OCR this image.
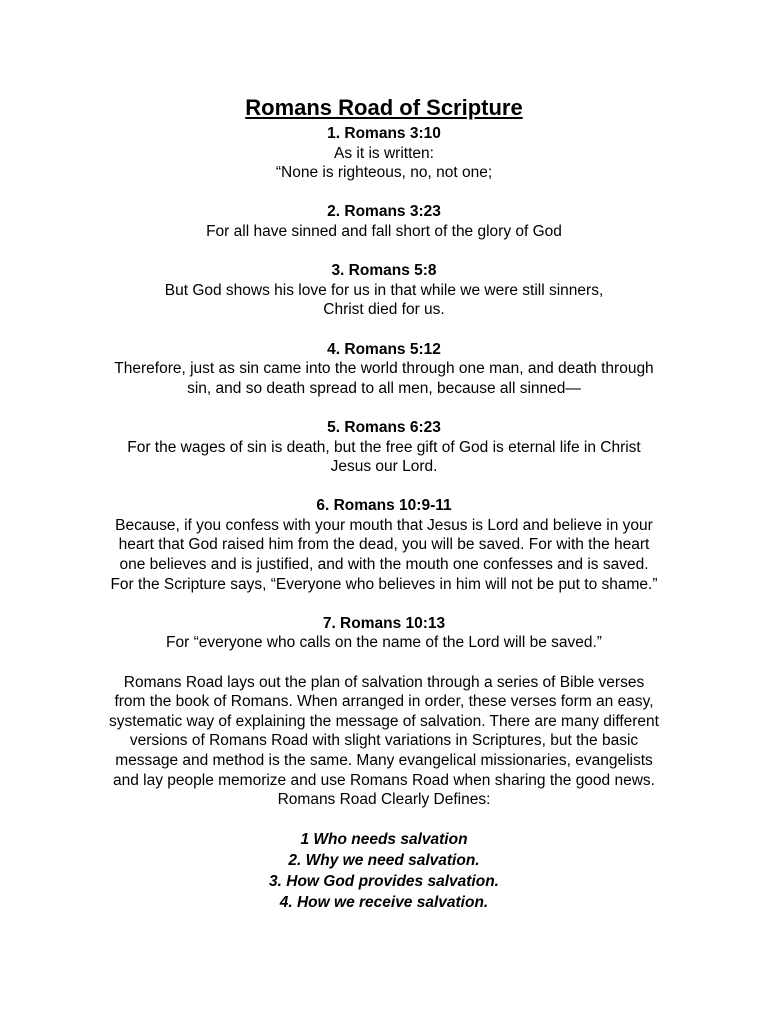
Romans Road of Scripture
1. Romans 3:10
As it is written:
“None is righteous, no, not one;
2. Romans 3:23
For all have sinned and fall short of the glory of God
3. Romans 5:8
But God shows his love for us in that while we were still sinners,
Christ died for us.
4. Romans 5:12
Therefore, just as sin came into the world through one man, and death through
sin, and so death spread to all men, because all sinned—
5. Romans 6:23
For the wages of sin is death, but the free gift of God is eternal life in Christ
Jesus our Lord.
6. Romans 10:9-11
Because, if you confess with your mouth that Jesus is Lord and believe in your
heart that God raised him from the dead, you will be saved. For with the heart
one believes and is justified, and with the mouth one confesses and is saved.
For the Scripture says, “Everyone who believes in him will not be put to shame.”
7. Romans 10:13
For “everyone who calls on the name of the Lord will be saved.”
Romans Road lays out the plan of salvation through a series of Bible verses
from the book of Romans. When arranged in order, these verses form an easy,
systematic way of explaining the message of salvation. There are many different
versions of Romans Road with slight variations in Scriptures, but the basic
message and method is the same. Many evangelical missionaries, evangelists
and lay people memorize and use Romans Road when sharing the good news.
Romans Road Clearly Defines:
1 Who needs salvation
2. Why we need salvation.
3. How God provides salvation.
4. How we receive salvation.
